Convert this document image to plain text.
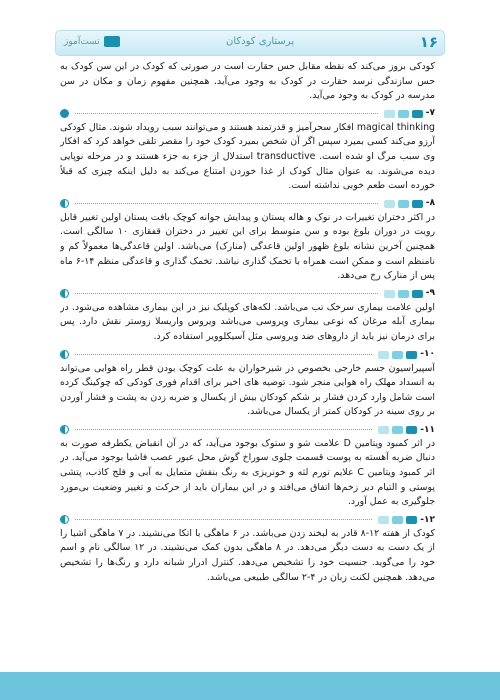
۱۶
پرستاری کودکان
تست‌آموز

کودکی بروز می‌کند که نقطه مقابل حس حقارت است در صورتی که کودک در این سن کودک به حس سازندگی نرسد حقارت در کودک به وجود می‌آید. همچنین مفهوم زمان و مکان در سن مدرسه در کودک به وجود می‌آید.

۷-

magical thinking افکار سحرآمیز و قدرتمند هستند و می‌توانند سبب رویداد شوند. مثال کودکی آرزو می‌کند کسی بمیرد سپس اگر آن شخص بمیرد کودک خود را مقصر تلقی خواهد کرد که افکار وی سبب مرگ او شده است. transductive استدلال از جزء به جزء هستند و در مرحله نوپایی دیده می‌شوند. به عنوان مثال کودک از غذا خوردن امتناع می‌کند به دلیل اینکه چیزی که قبلاً خورده است طعم خوبی نداشته است.

۸-

در اکثر دختران تغییرات در نوک و هاله پستان و پیدایش جوانه کوچک بافت پستان اولین تغییر قابل رویت در دوران بلوغ بوده و سن متوسط برای این تغییر در دختران قفقازی ۱۰ سالگی است. همچنین آخرین نشانه بلوغ ظهور اولین قاعدگی (منارک) می‌باشد. اولین قاعدگی‌ها معمولاً کم و نامنظم است و ممکن است همراه با تخمک گذاری نباشد. تخمک گذاری و قاعدگی منظم ۱۴-۶ ماه پس از منارک رخ می‌دهد.

۹-

اولین علامت بیماری سرخک تب می‌باشد. لکه‌های کوپلیک نیز در این بیماری مشاهده می‌شود. در بیماری آبله مرغان که نوعی بیماری ویروسی می‌باشد ویروس واریسلا زوستر نقش دارد. پس برای درمان نیز باید از داروهای ضد ویروسی مثل آسیکلوویر استفاده کرد.

۱۰-

آسپیراسیون جسم خارجی بخصوص در شیرخواران به علت کوچک بودن قطر راه هوایی می‌تواند به انسداد مهلک راه هوایی منجر شود. توصیه های اخیر برای اقدام فوری کودکی که چوکینگ کرده است شامل وارد کردن فشار بر شکم کودکان بیش از یکسال و ضربه زدن به پشت و فشار آوردن بر روی سینه در کودکان کمتر از یکسال می‌باشد.

۱۱-

در اثر کمبود ویتامین D علامت شو و ستوک بوجود می‌آید، که در آن انقباض یکطرفه صورت به دنبال ضربه آهسته به پوست قسمت جلوی سوراخ گوش محل عبور عصب فاشیا بوجود می‌آید. در اثر کمبود ویتامین C علایم تورم لثه و خونریزی به رنگ بنفش متمایل به آبی و فلج کاذب، پتشی پوستی و التیام دیر زخم‌ها اتفاق می‌افتد و در این بیماران باید از حرکت و تغییر وضعیت بی‌مورد جلوگیری به عمل آورد.

۱۲-

کودک از هفته ۱۲-۸ قادر به لبخند زدن می‌باشد. در ۶ ماهگی با اتکا می‌نشیند. در ۷ ماهگی اشیا را از یک دست به دست دیگر می‌دهد. در ۸ ماهگی بدون کمک می‌نشیند. در ۱۲ سالگی نام و اسم خود را می‌گوید. جنسیت خود را تشخیص می‌دهد. کنترل ادرار شبانه دارد و رنگ‌ها را تشخیص می‌دهد. همچنین لکنت زبان در ۴-۲ سالگی طبیعی می‌باشد.
